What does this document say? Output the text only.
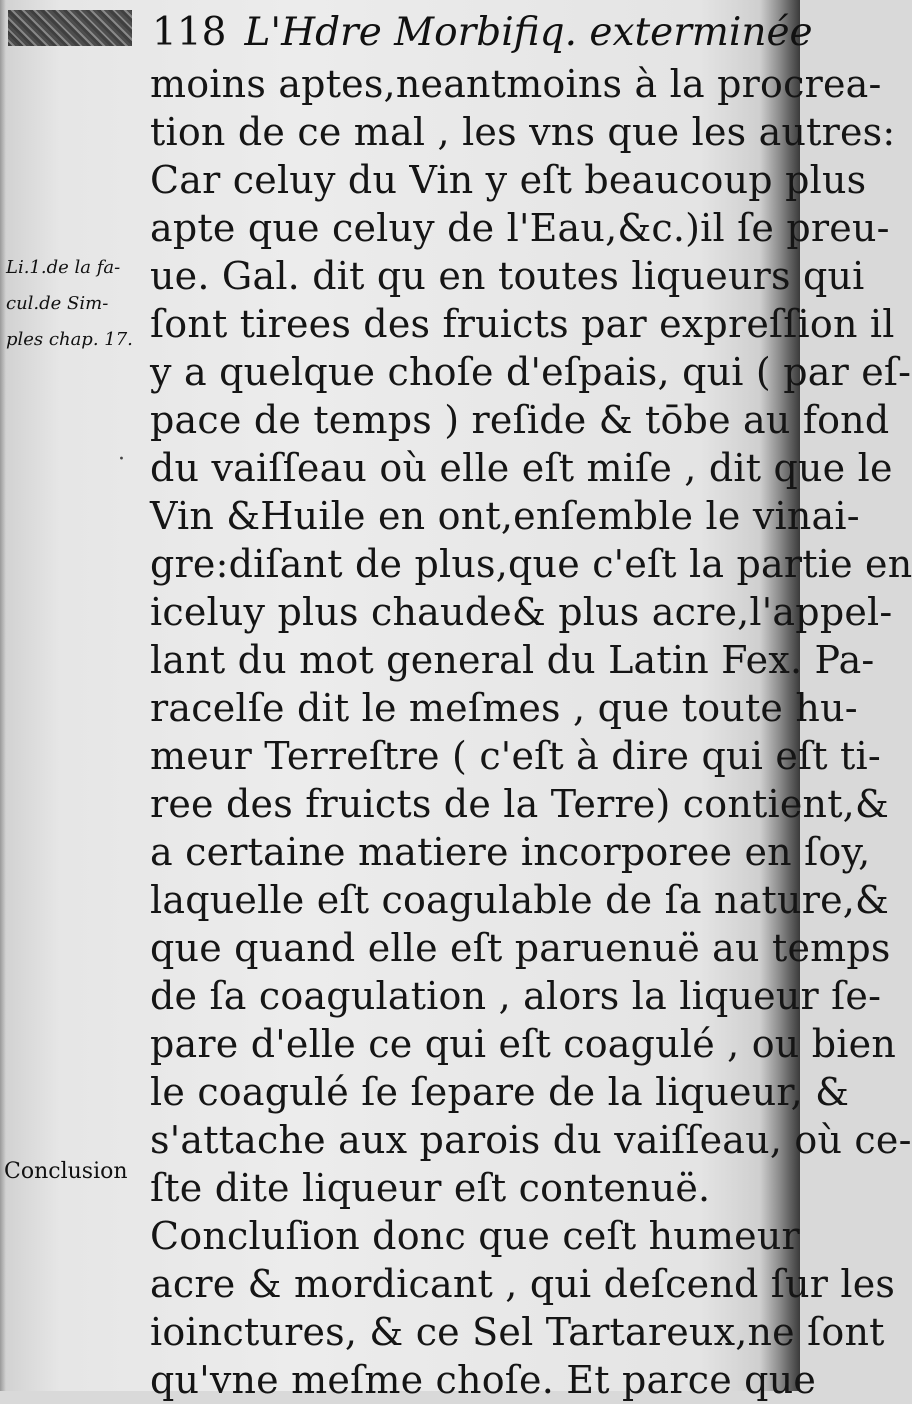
118 L'Hdre Morbifiq. exterminée
Li.1.de la fa-
cul.de Sim-
ples chap. 17.
·
Conclusion
moins aptes,neantmoins à la procrea-
tion de ce mal , les vns que les autres:
Car celuy du Vin y eſt beaucoup plus
apte que celuy de l'Eau,&c.)il ſe preu-
ue. Gal. dit qu en toutes liqueurs qui
ſont tirees des fruicts par expreſſion il
y a quelque choſe d'eſpais, qui ( par eſ-
pace de temps ) reſide & tōbe au fond
du vaiſſeau où elle eſt miſe , dit que le
Vin &Huile en ont,enſemble le vinai-
gre:diſant de plus,que c'eſt la partie en
iceluy plus chaude& plus acre,l'appel-
lant du mot general du Latin Fex. Pa-
racelſe dit le meſmes , que toute hu-
meur Terreſtre ( c'eſt à dire qui eſt ti-
ree des fruicts de la Terre) contient,&
a certaine matiere incorporee en ſoy,
laquelle eſt coagulable de ſa nature,&
que quand elle eſt paruenuë au temps
de ſa coagulation , alors la liqueur ſe-
pare d'elle ce qui eſt coagulé , ou bien
le coagulé ſe ſepare de la liqueur, &
s'attache aux parois du vaiſſeau, où ce-
ſte dite liqueur eſt contenuë.
Concluſion donc que ceſt humeur
acre & mordicant , qui deſcend ſur les
ioinctures, & ce Sel Tartareux,ne ſont
qu'vne meſme choſe. Et parce que
